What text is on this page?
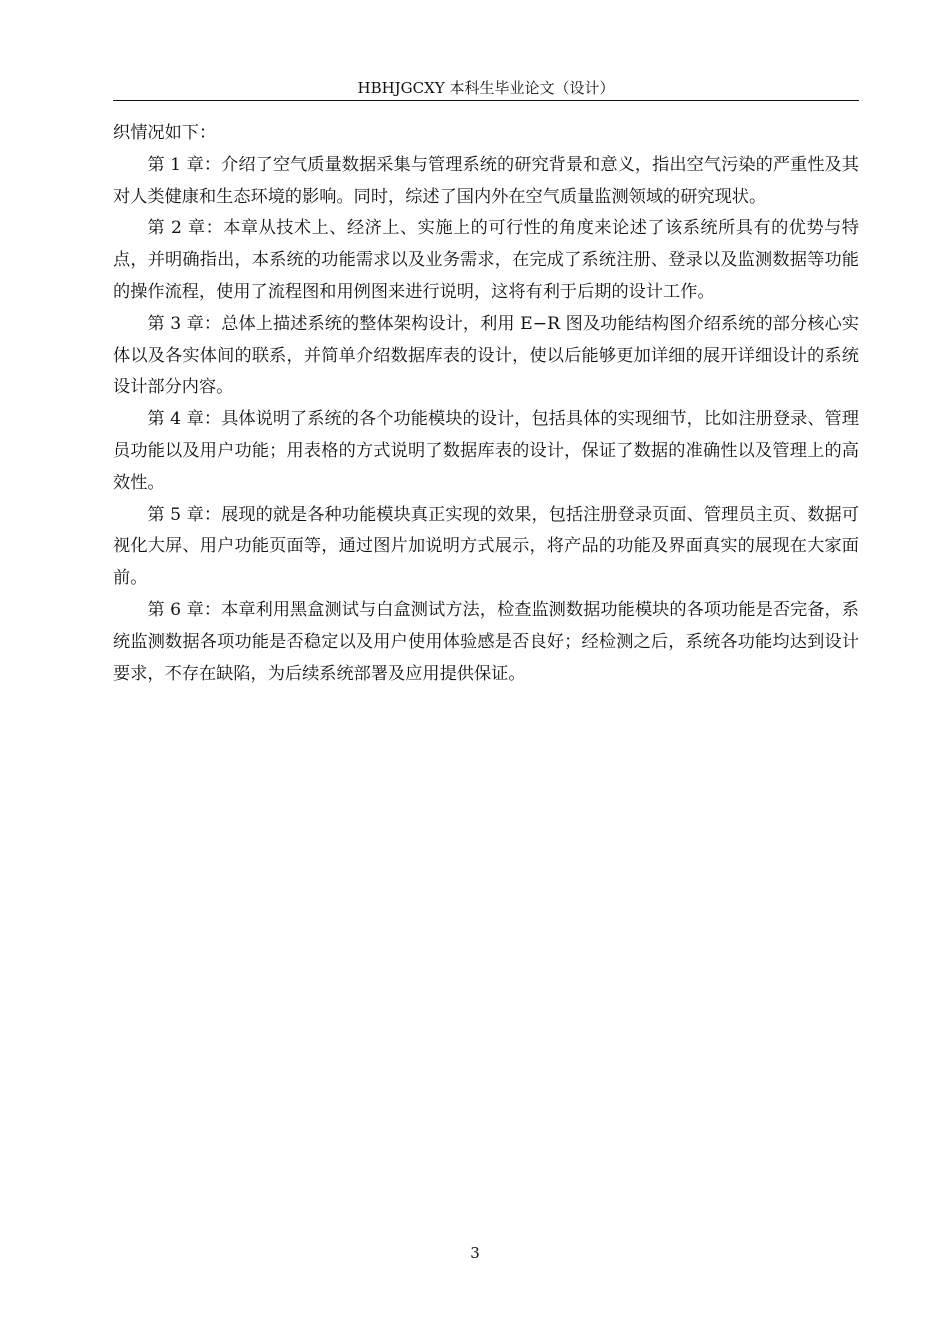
HBHJGCXY 本科生毕业论文（设计）

织情况如下：

第 1 章：介绍了空气质量数据采集与管理系统的研究背景和意义，指出空气污染的严重性及其对人类健康和生态环境的影响。同时，综述了国内外在空气质量监测领域的研究现状。

第 2 章：本章从技术上、经济上、实施上的可行性的角度来论述了该系统所具有的优势与特点，并明确指出，本系统的功能需求以及业务需求，在完成了系统注册、登录以及监测数据等功能的操作流程，使用了流程图和用例图来进行说明，这将有利于后期的设计工作。

第 3 章：总体上描述系统的整体架构设计，利用 E−R 图及功能结构图介绍系统的部分核心实体以及各实体间的联系，并简单介绍数据库表的设计，使以后能够更加详细的展开详细设计的系统设计部分内容。

第 4 章：具体说明了系统的各个功能模块的设计，包括具体的实现细节，比如注册登录、管理员功能以及用户功能；用表格的方式说明了数据库表的设计，保证了数据的准确性以及管理上的高效性。

第 5 章：展现的就是各种功能模块真正实现的效果，包括注册登录页面、管理员主页、数据可视化大屏、用户功能页面等，通过图片加说明方式展示，将产品的功能及界面真实的展现在大家面前。

第 6 章：本章利用黑盒测试与白盒测试方法，检查监测数据功能模块的各项功能是否完备，系统监测数据各项功能是否稳定以及用户使用体验感是否良好；经检测之后，系统各功能均达到设计要求，不存在缺陷，为后续系统部署及应用提供保证。

3
